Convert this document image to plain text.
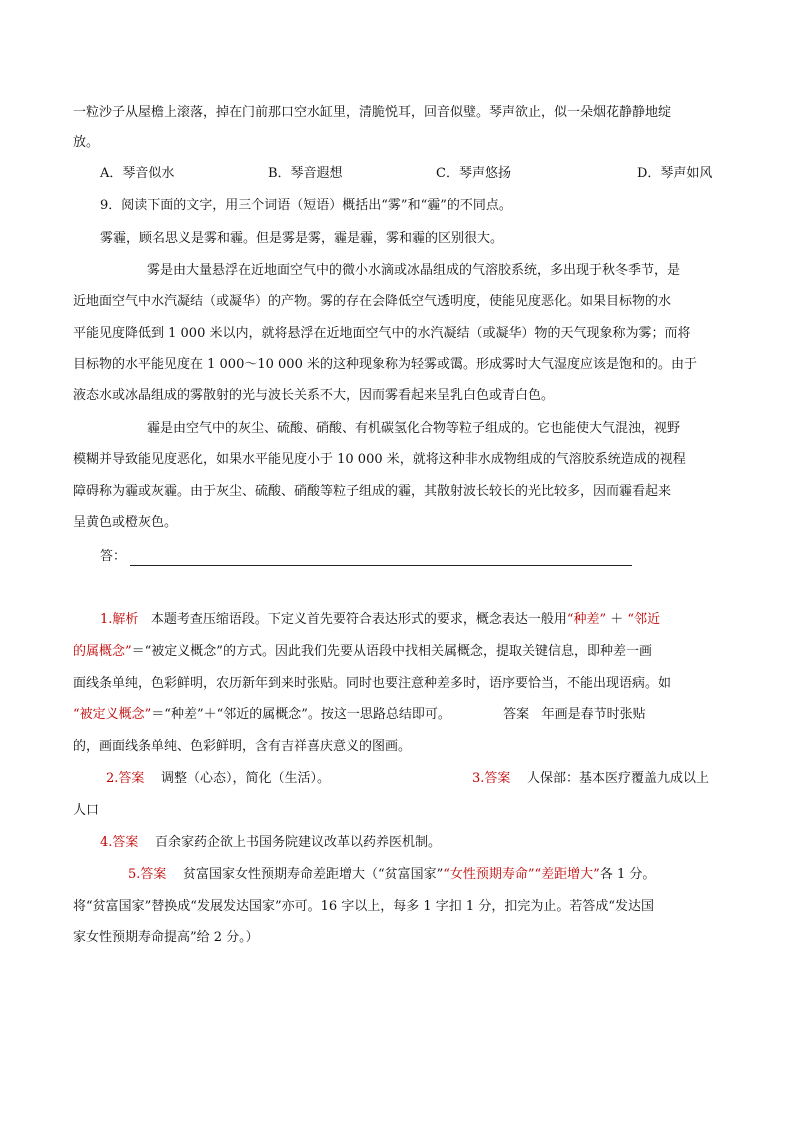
一粒沙子从屋檐上滚落，掉在门前那口空水缸里，清脆悦耳，回音似璧。琴声欲止，似一朵烟花静静地绽
放。
A．琴音似水	B．琴音遐想	C．琴声悠扬	D．琴声如风
9．阅读下面的文字，用三个词语（短语）概括出“雾”和“霾”的不同点。
雾霾，顾名思义是雾和霾。但是雾是雾，霾是霾，雾和霾的区别很大。
雾是由大量悬浮在近地面空气中的微小水滴或冰晶组成的气溶胶系统，多出现于秋冬季节，是
近地面空气中水汽凝结（或凝华）的产物。雾的存在会降低空气透明度，使能见度恶化。如果目标物的水
平能见度降低到 1 000 米以内，就将悬浮在近地面空气中的水汽凝结（或凝华）物的天气现象称为雾；而将
目标物的水平能见度在 1 000～10 000 米的这种现象称为轻雾或霭。形成雾时大气湿度应该是饱和的。由于
液态水或冰晶组成的雾散射的光与波长关系不大，因而雾看起来呈乳白色或青白色。
霾是由空气中的灰尘、硫酸、硝酸、有机碳氢化合物等粒子组成的。它也能使大气混浊，视野
模糊并导致能见度恶化，如果水平能见度小于 10 000 米，就将这种非水成物组成的气溶胶系统造成的视程
障碍称为霾或灰霾。由于灰尘、硫酸、硝酸等粒子组成的霾，其散射波长较长的光比较多，因而霾看起来
呈黄色或橙灰色。
答：
1.解析 本题考查压缩语段。下定义首先要符合表达形式的要求，概念表达一般用“种差” ＋ “邻近
的属概念”＝“被定义概念”的方式。因此我们先要从语段中找相关属概念，提取关键信息，即种差一画
面线条单纯，色彩鲜明，农历新年到来时张贴。同时也要注意种差多时，语序要恰当，不能出现语病。如
“被定义概念”＝“种差”＋“邻近的属概念”。按这一思路总结即可。	答案 年画是春节时张贴
的，画面线条单纯、色彩鲜明，含有吉祥喜庆意义的图画。
2.答案 调整（心态），简化（生活）。	3.答案 人保部：基本医疗覆盖九成以上
人口
4.答案 百余家药企欲上书国务院建议改革以药养医机制。
5.答案 贫富国家女性预期寿命差距增大（“贫富国家”“女性预期寿命”“差距增大”各 1 分。
将“贫富国家”替换成“发展发达国家”亦可。16 字以上，每多 1 字扣 1 分，扣完为止。若答成“发达国
家女性预期寿命提高”给 2 分。）
